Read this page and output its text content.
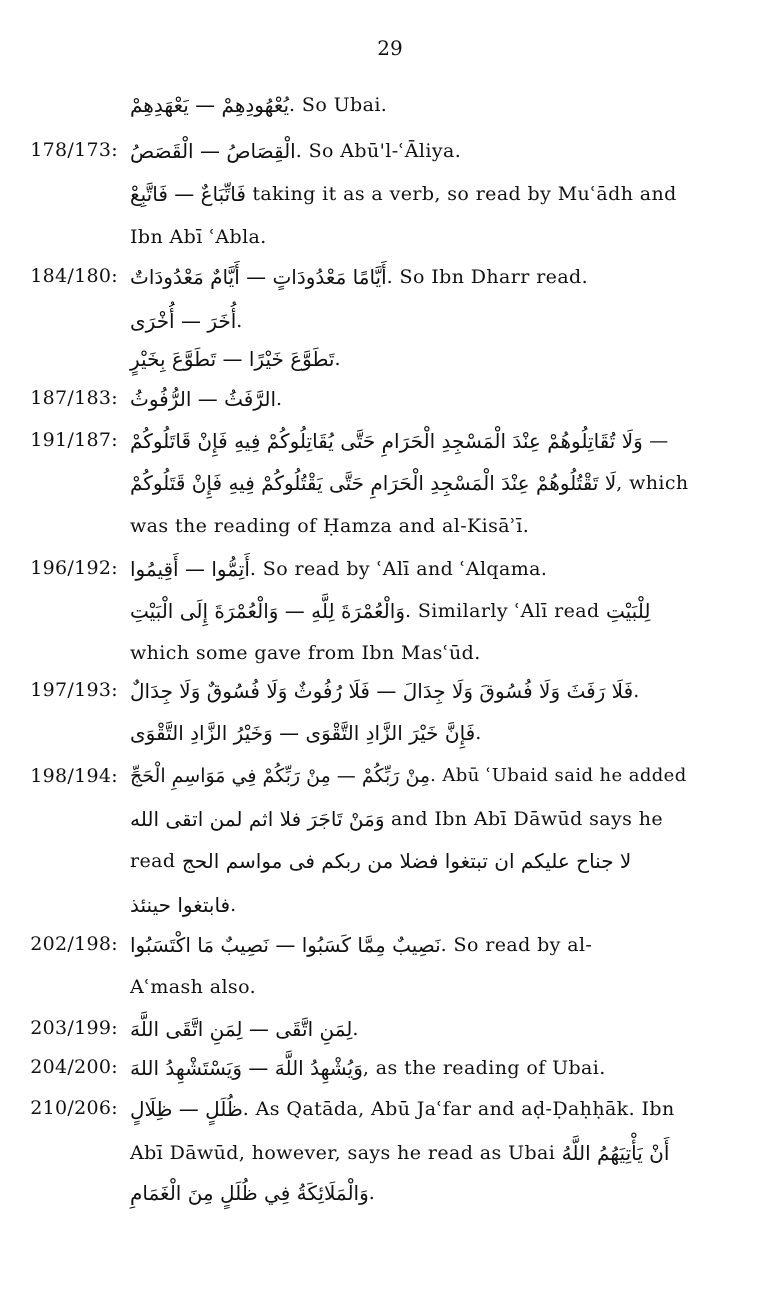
29
يُعْهُودِهِمْ — يَعْهَدِهِمْ. So Ubai.
178/173: الْقِصَاصُ — الْقَصَصُ. So Abū'l-ʿĀliya.
فَاتِّبَاعٌ — فَاتَّبِعْ taking it as a verb, so read by Muʿādh and
Ibn Abī ʿAbla.
184/180: أَيَّامًا مَعْدُودَاتٍ — أَيَّامٌ مَعْدُودَاتٌ. So Ibn Dharr read.
أُخَرَ — أُخْرَى.
تَطَوَّعَ خَيْرًا — تَطَوَّعَ بِخَيْرٍ.
187/183: الرَّفَثُ — الرُّفُوثُ.
191/187: وَلَا تُقَاتِلُوهُمْ عِنْدَ الْمَسْجِدِ الْحَرَامِ حَتَّى يُقَاتِلُوكُمْ فِيهِ فَإِنْ قَاتَلُوكُمْ —
لَا تَقْتُلُوهُمْ عِنْدَ الْمَسْجِدِ الْحَرَامِ حَتَّى يَقْتُلُوكُمْ فِيهِ فَإِنْ قَتَلُوكُمْ, which
was the reading of Ḥamza and al-Kisāʾī.
196/192: أَتِمُّوا — أَقِيمُوا. So read by ʿAlī and ʿAlqama.
وَالْعُمْرَةَ لِلَّهِ — وَالْعُمْرَةَ إِلَى الْبَيْتِ. Similarly ʿAlī read لِلْبَيْتِ
which some gave from Ibn Masʿūd.
197/193: فَلَا رَفَثَ وَلَا فُسُوقَ وَلَا جِدَالَ — فَلَا رُفُوثٌ وَلَا فُسُوقٌ وَلَا جِدَالٌ.
فَإِنَّ خَيْرَ الزَّادِ التَّقْوَى — وَخَيْرُ الزَّادِ التَّقْوَى.
198/194: مِنْ رَبِّكُمْ — مِنْ رَبِّكُمْ فِي مَوَاسِمِ الْحَجِّ. Abū ʿUbaid said he added
وَمَنْ تَاجَرَ فلا اثم لمن اتقى الله and Ibn Abī Dāwūd says he
read لا جناح عليكم ان تبتغوا فضلا من ربكم فى مواسم الحج
فابتغوا حينئذ.
202/198: نَصِيبٌ مِمَّا كَسَبُوا — نَصِيبٌ مَا اكْتَسَبُوا. So read by al-
Aʿmash also.
203/199: لِمَنِ اتَّقَى — لِمَنِ اتَّقَى اللَّهَ.
204/200: وَيُشْهِدُ اللَّهَ — وَيَسْتَشْهِدُ اللهَ, as the reading of Ubai.
210/206: ظُلَلٍ — ظِلَالٍ. As Qatāda, Abū Jaʿfar and aḍ-Ḍaḥḥāk. Ibn
Abī Dāwūd, however, says he read as Ubai أَنْ يَأْتِيَهُمُ اللَّهُ
وَالْمَلَائِكَةُ فِي ظُلَلٍ مِنَ الْغَمَامِ.
